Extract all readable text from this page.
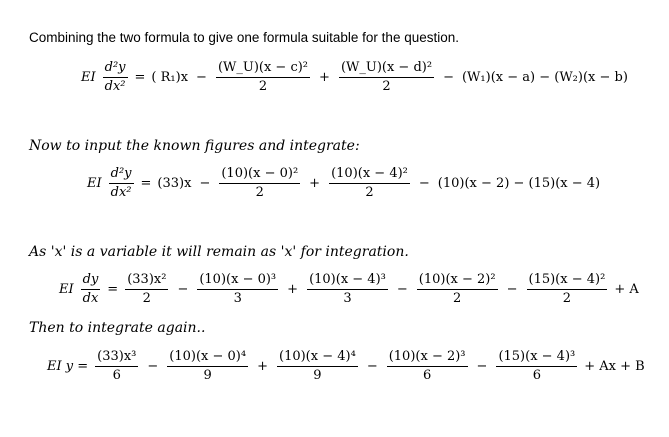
Combining the two formula to give one formula suitable for the question.
EI $\frac{\text{d²y}}{\text{dx²}}$ = ( $R_1)x - \frac{\text{(W\_U)(x − c)²}}{2} + \frac{\text{(W\_U)(x − d)²}}{2} - (W_1)(x - a) - (W_2)(x - b)$
Now to input the known figures and integrate:
EI $\frac{\text{d²y}}{\text{dx²}} = (33)x - \frac{\text{(10)(x − 0)²}}{2} + \frac{\text{(10)(x − 4)²}}{2} - (10)(x - 2) - (15)(x - 4)$
As 'x' is a variable it will remain as 'x' for integration.
EI $\frac{dy}{dx} = \frac{\text{(33)x²}}{2} - \frac{\text{(10)(x − 0)³}}{3} + \frac{\text{(10)(x − 4)³}}{3} - \frac{\text{(10)(x − 2)²}}{2} - \frac{\text{(15)(x − 4)²}}{2} + A$
Then to integrate again..
EI $y = \frac{\text{(33)x³}}{6} - \frac{\text{(10)(x − 0)⁴}}{9} + \frac{\text{(10)(x − 4)⁴}}{9} - \frac{\text{(10)(x − 2)³}}{6} - \frac{\text{(15)(x − 4)³}}{6} + Ax + B$
